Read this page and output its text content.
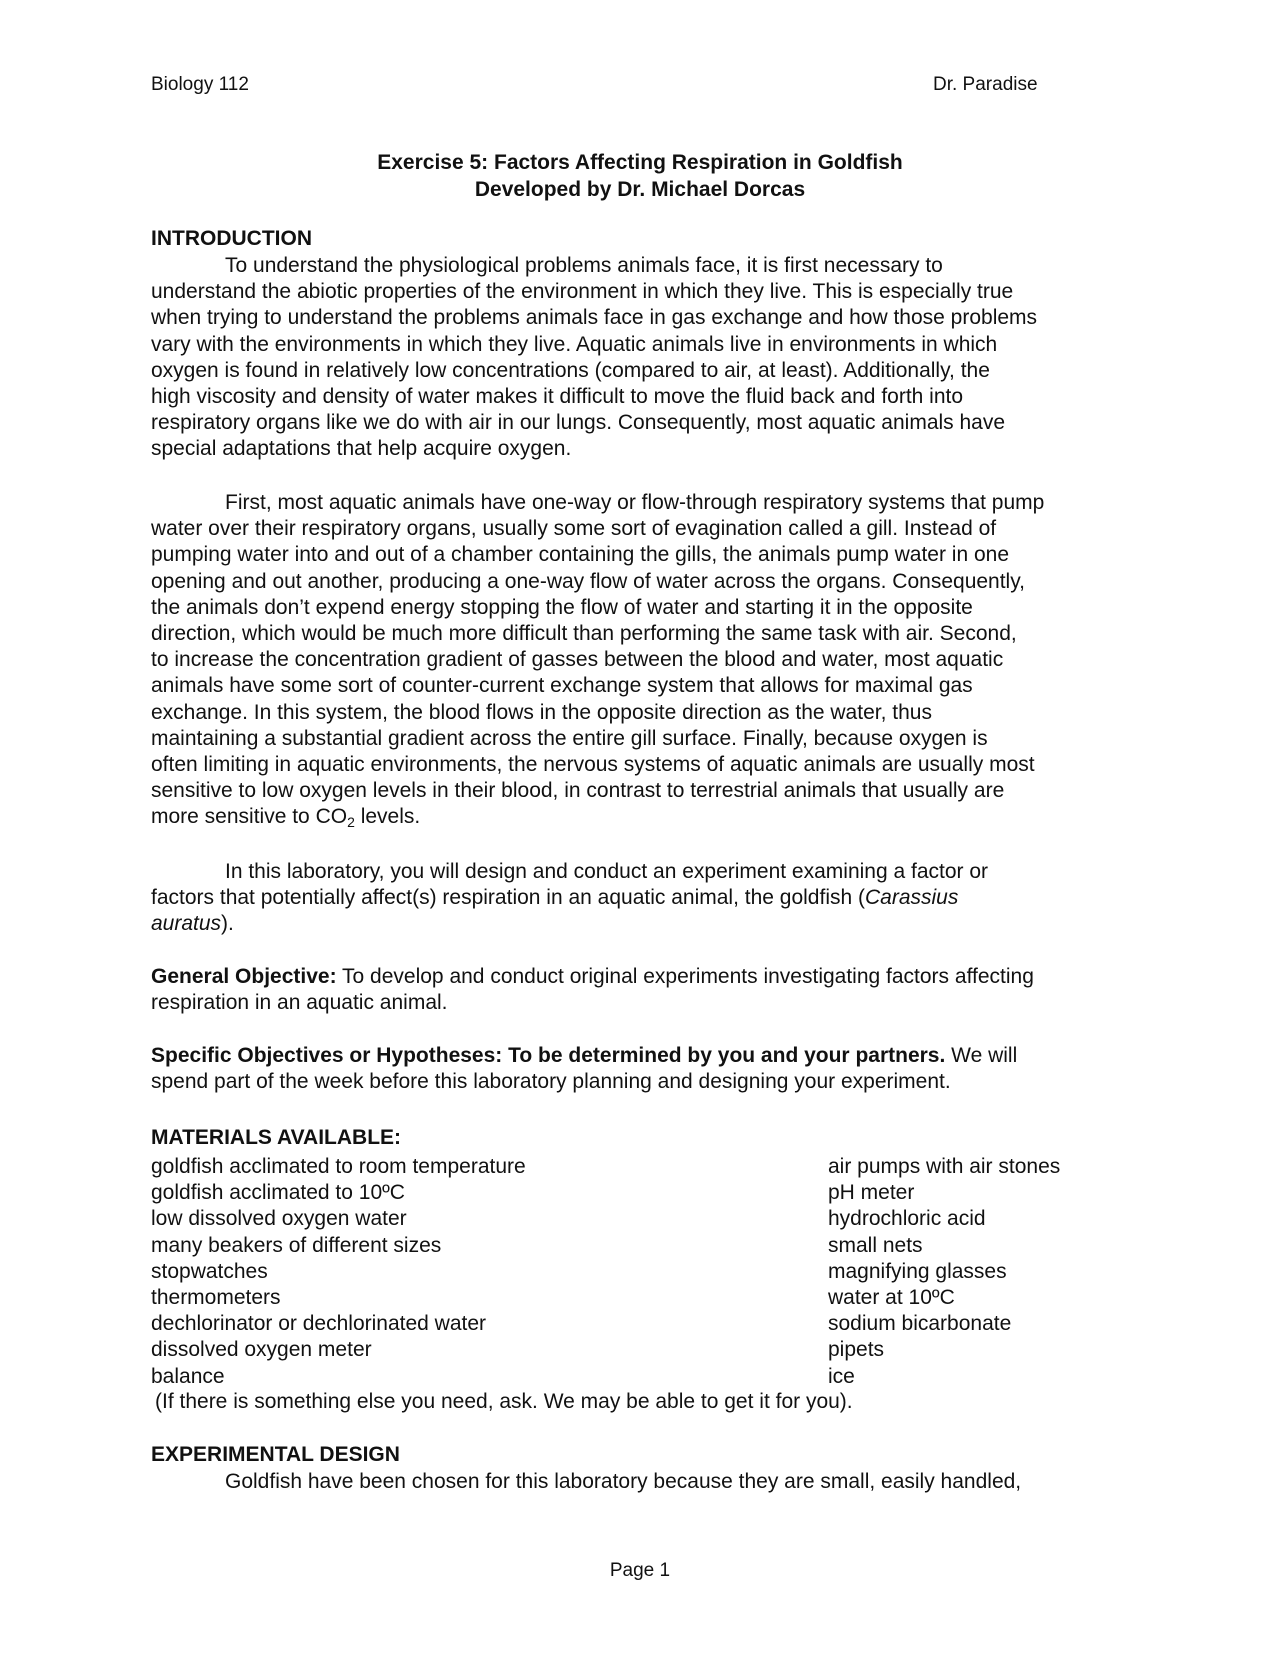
Biology 112	Dr. Paradise
Exercise 5: Factors Affecting Respiration in Goldfish
Developed by Dr. Michael Dorcas
INTRODUCTION

To understand the physiological problems animals face, it is first necessary to
understand the abiotic properties of the environment in which they live. This is especially true
when trying to understand the problems animals face in gas exchange and how those problems
vary with the environments in which they live. Aquatic animals live in environments in which
oxygen is found in relatively low concentrations (compared to air, at least). Additionally, the
high viscosity and density of water makes it difficult to move the fluid back and forth into
respiratory organs like we do with air in our lungs. Consequently, most aquatic animals have
special adaptations that help acquire oxygen.

First, most aquatic animals have one-way or flow-through respiratory systems that pump
water over their respiratory organs, usually some sort of evagination called a gill. Instead of
pumping water into and out of a chamber containing the gills, the animals pump water in one
opening and out another, producing a one-way flow of water across the organs. Consequently,
the animals don’t expend energy stopping the flow of water and starting it in the opposite
direction, which would be much more difficult than performing the same task with air. Second,
to increase the concentration gradient of gasses between the blood and water, most aquatic
animals have some sort of counter-current exchange system that allows for maximal gas
exchange. In this system, the blood flows in the opposite direction as the water, thus
maintaining a substantial gradient across the entire gill surface. Finally, because oxygen is
often limiting in aquatic environments, the nervous systems of aquatic animals are usually most
sensitive to low oxygen levels in their blood, in contrast to terrestrial animals that usually are
more sensitive to $CO_2$ levels.

In this laboratory, you will design and conduct an experiment examining a factor or
factors that potentially affect(s) respiration in an aquatic animal, the goldfish (Carassius
auratus).

General Objective: To develop and conduct original experiments investigating factors affecting
respiration in an aquatic animal.

Specific Objectives or Hypotheses: To be determined by you and your partners. We will
spend part of the week before this laboratory planning and designing your experiment.

MATERIALS AVAILABLE:
goldfish acclimated to room temperature
goldfish acclimated to 10ºC
low dissolved oxygen water
many beakers of different sizes
stopwatches
thermometers
dechlorinator or dechlorinated water
dissolved oxygen meter
balance
air pumps with air stones
pH meter
hydrochloric acid
small nets
magnifying glasses
water at 10ºC
sodium bicarbonate
pipets
ice
(If there is something else you need, ask. We may be able to get it for you).
EXPERIMENTAL DESIGN

Goldfish have been chosen for this laboratory because they are small, easily handled,

Page 1
